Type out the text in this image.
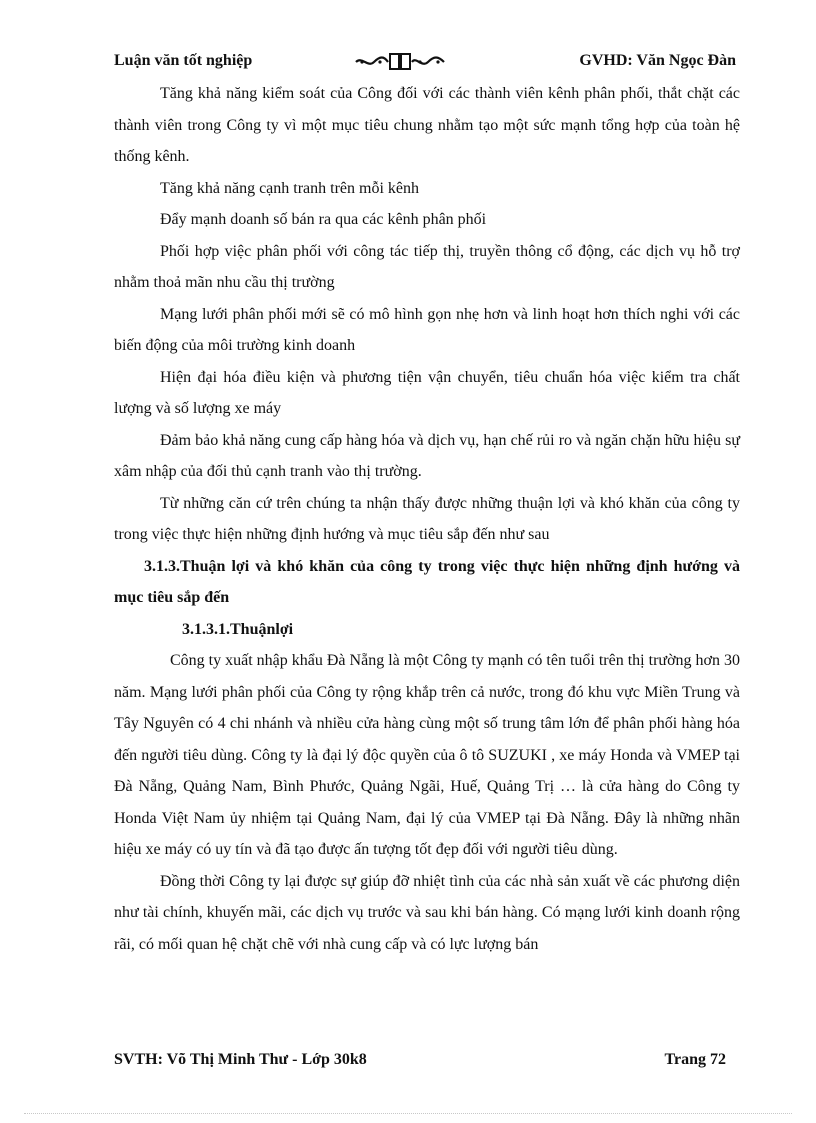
Luận văn tốt nghiệp	GVHD: Văn Ngọc Đàn

Tăng khả năng kiểm soát của Công đối với các thành viên kênh phân phối, thắt chặt các thành viên trong Công ty vì một mục tiêu chung nhằm tạo một sức mạnh tổng hợp của toàn hệ thống kênh.

Tăng khả năng cạnh tranh trên mỗi kênh

Đẩy mạnh doanh số bán ra qua các kênh phân phối

Phối hợp việc phân phối với công tác tiếp thị, truyền thông cổ động, các dịch vụ hỗ trợ nhằm thoả mãn nhu cầu thị trường

Mạng lưới phân phối mới sẽ có mô hình gọn nhẹ hơn và linh hoạt hơn thích nghi với các biến động của môi trường kinh doanh

Hiện đại hóa điều kiện và phương tiện vận chuyển, tiêu chuẩn hóa việc kiểm tra chất lượng và số lượng xe máy

Đảm bảo khả năng cung cấp hàng hóa và dịch vụ, hạn chế rủi ro và ngăn chặn hữu hiệu sự xâm nhập của đối thủ cạnh tranh vào thị trường.

Từ những căn cứ trên chúng ta nhận thấy được những thuận lợi và khó khăn của công ty trong việc thực hiện những định hướng và mục tiêu sắp đến như sau

3.1.3.Thuận lợi và khó khăn của công ty trong việc thực hiện những định hướng và mục tiêu sắp đến

3.1.3.1.Thuậnlợi

Công ty xuất nhập khẩu Đà Nẵng là một Công ty mạnh có tên tuổi trên thị trường hơn 30 năm. Mạng lưới phân phối của Công ty rộng khắp trên cả nước, trong đó khu vực Miền Trung và Tây Nguyên có 4 chi nhánh và nhiều cửa hàng cùng một số trung tâm lớn để phân phối hàng hóa đến người tiêu dùng. Công ty là đại lý độc quyền của ô tô SUZUKI , xe máy Honda và VMEP tại Đà Nẵng, Quảng Nam, Bình Phước, Quảng Ngãi, Huế, Quảng Trị … là cửa hàng do Công ty Honda Việt Nam ủy nhiệm tại Quảng Nam, đại lý của VMEP tại Đà Nẵng. Đây là những nhãn hiệu xe máy có uy tín và đã tạo được ấn tượng tốt đẹp đối với người tiêu dùng.

Đồng thời Công ty lại được sự giúp đỡ nhiệt tình của các nhà sản xuất về các phương diện như tài chính, khuyến mãi, các dịch vụ trước và sau khi bán hàng. Có mạng lưới kinh doanh rộng rãi, có mối quan hệ chặt chẽ với nhà cung cấp và có lực lượng bán

SVTH: Võ Thị Minh Thư - Lớp 30k8	Trang 72
